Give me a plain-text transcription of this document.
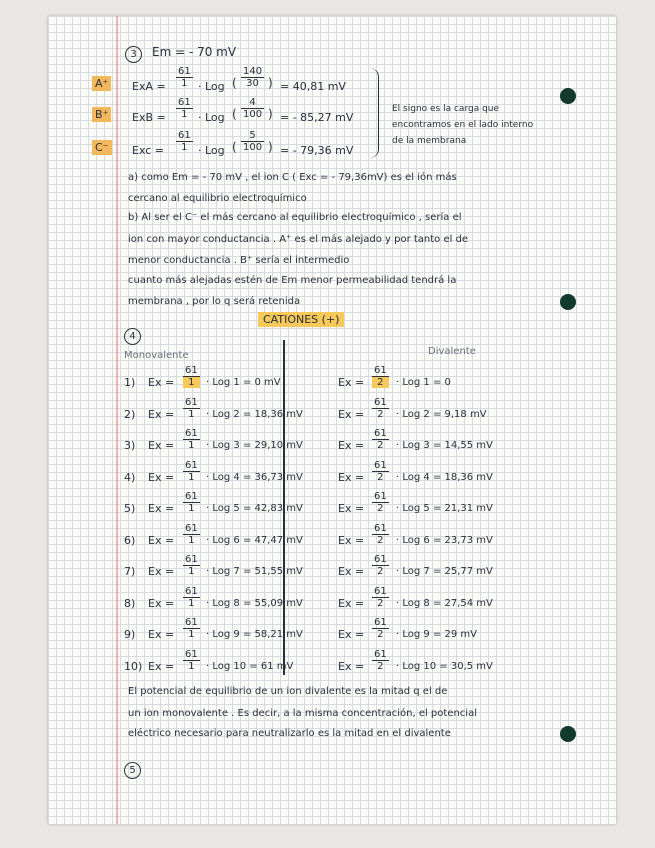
3	Em = - 70 mV
A⁺ ExA = $\frac{61}{1}$ · Log ( $\frac{140}{30}$ ) = 40,81 mV
B⁺ ExB = $\frac{61}{1}$ · Log ( $\frac{4}{100}$ ) = - 85,27 mV
C⁻ Exc = $\frac{61}{1}$ · Log ( $\frac{5}{100}$ ) = - 79,36 mV
El signo es la carga que
encontramos en el lado interno
de la membrana
a) como Em = - 70 mV , el ion C ( Exc = - 79,36mV) es el ión más
cercano al equilibrio electroquímico
b) Al ser el C⁻ el más cercano al equilibrio electroquímico , sería el
ion con mayor conductancia . A⁺ es el más alejado y por tanto el de
menor conductancia . B⁺ sería el intermedio
cuanto más alejadas estén de Em menor permeabilidad tendrá la
membrana , por lo q será retenida
4
CATIONES (+)
Monovalente	Divalente
1) $Ex = \frac{61}{1}$ · Log 1 = 0 mV	$Ex = \frac{61}{2}$ · Log 1 = 0
2) $Ex = \frac{61}{1}$ · Log 2 = 18,36 mV	$Ex = \frac{61}{2}$ · Log 2 = 9,18 mV
3) $Ex = \frac{61}{1}$ · Log 3 = 29,10 mV	$Ex = \frac{61}{2}$ · Log 3 = 14,55 mV
4) $Ex = \frac{61}{1}$ · Log 4 = 36,73 mV	$Ex = \frac{61}{2}$ · Log 4 = 18,36 mV
5) $Ex = \frac{61}{1}$ · Log 5 = 42,83 mV	$Ex = \frac{61}{2}$ · Log 5 = 21,31 mV
6) $Ex = \frac{61}{1}$ · Log 6 = 47,47 mV	$Ex = \frac{61}{2}$ · Log 6 = 23,73 mV
7) $Ex = \frac{61}{1}$ · Log 7 = 51,55 mV	$Ex = \frac{61}{2}$ · Log 7 = 25,77 mV
8) $Ex = \frac{61}{1}$ · Log 8 = 55,09 mV	$Ex = \frac{61}{2}$ · Log 8 = 27,54 mV
9) $Ex = \frac{61}{1}$ · Log 9 = 58,21 mV	$Ex = \frac{61}{2}$ · Log 9 = 29 mV
10) $Ex = \frac{61}{1}$ · Log 10 = 61 mV	$Ex = \frac{61}{2}$ · Log 10 = 30,5 mV
El potencial de equilibrio de un ion divalente es la mitad q el de
un ion monovalente . Es decir, a la misma concentración, el potencial
eléctrico necesario para neutralizarlo es la mitad en el divalente
5
